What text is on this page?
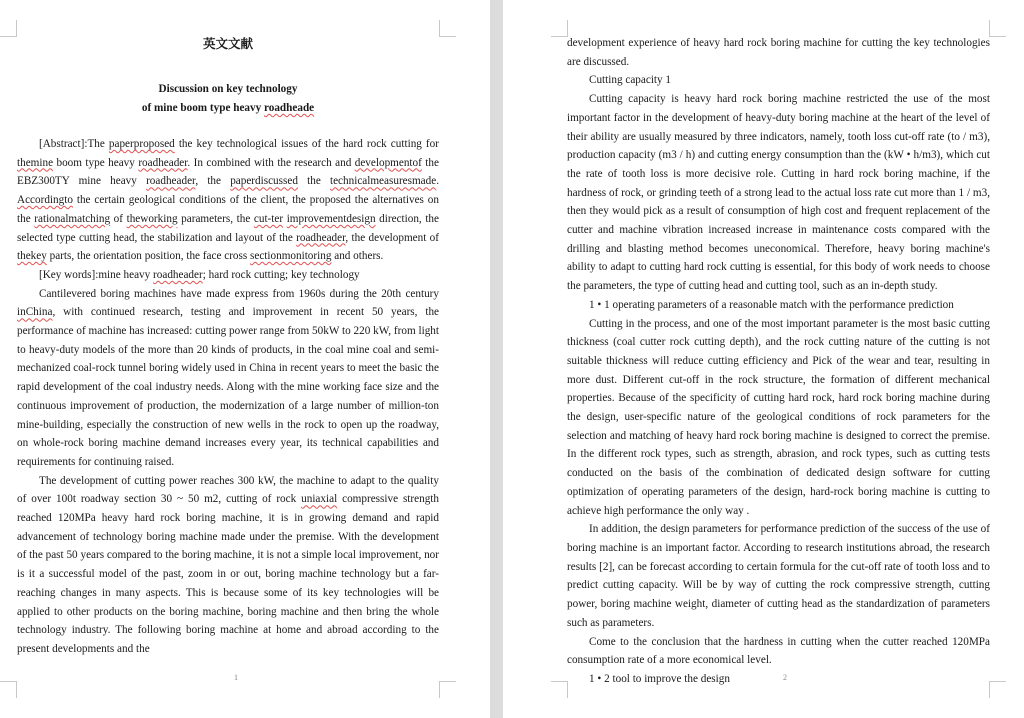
英文文献

Discussion on key technology

of mine boom type heavy roadheade

[Abstract]:The paperproposed the key technological issues of the hard rock cutting for themine boom type heavy roadheader. In combined with the research and developmentof the EBZ300TY mine heavy roadheader, the paperdiscussed the technicalmeasuresmade. Accordingto the certain geological conditions of the client, the proposed the alternatives on the rationalmatching of theworking parameters, the cut-ter improvementdesign direction, the selected type cutting head, the stabilization and layout of the roadheader, the development of thekey parts, the orientation position, the face cross sectionmonitoring and others.

[Key words]:mine heavy roadheader; hard rock cutting; key technology

Cantilevered boring machines have made express from 1960s during the 20th century inChina, with continued research, testing and improvement in recent 50 years, the performance of machine has increased: cutting power range from 50kW to 220 kW, from light to heavy-duty models of the more than 20 kinds of products, in the coal mine coal and semi-mechanized coal-rock tunnel boring widely used in China in recent years to meet the basic the rapid development of the coal industry needs. Along with the mine working face size and the continuous improvement of production, the modernization of a large number of million-ton mine-building, especially the construction of new wells in the rock to open up the roadway, on whole-rock boring machine demand increases every year, its technical capabilities and requirements for continuing raised.

The development of cutting power reaches 300 kW, the machine to adapt to the quality of over 100t roadway section 30 ~ 50 m2, cutting of rock uniaxial compressive strength reached 120MPa heavy hard rock boring machine, it is in growing demand and rapid advancement of technology boring machine made under the premise. With the development of the past 50 years compared to the boring machine, it is not a simple local improvement, nor is it a successful model of the past, zoom in or out, boring machine technology but a far-reaching changes in many aspects. This is because some of its key technologies will be applied to other products on the boring machine, boring machine and then bring the whole technology industry. The following boring machine at home and abroad according to the present developments and the

1

development experience of heavy hard rock boring machine for cutting the key technologies are discussed.

Cutting capacity 1

Cutting capacity is heavy hard rock boring machine restricted the use of the most important factor in the development of heavy-duty boring machine at the heart of the level of their ability are usually measured by three indicators, namely, tooth loss cut-off rate (to / m3), production capacity (m3 / h) and cutting energy consumption than the (kW • h/m3), which cut the rate of tooth loss is more decisive role. Cutting in hard rock boring machine, if the hardness of rock, or grinding teeth of a strong lead to the actual loss rate cut more than 1 / m3, then they would pick as a result of consumption of high cost and frequent replacement of the cutter and machine vibration increased increase in maintenance costs compared with the drilling and blasting method becomes uneconomical. Therefore, heavy boring machine's ability to adapt to cutting hard rock cutting is essential, for this body of work needs to choose the parameters, the type of cutting head and cutting tool, such as an in-depth study.

1 • 1 operating parameters of a reasonable match with the performance prediction

Cutting in the process, and one of the most important parameter is the most basic cutting thickness (coal cutter rock cutting depth), and the rock cutting nature of the cutting is not suitable thickness will reduce cutting efficiency and Pick of the wear and tear, resulting in more dust. Different cut-off in the rock structure, the formation of different mechanical properties. Because of the specificity of cutting hard rock, hard rock boring machine during the design, user-specific nature of the geological conditions of rock parameters for the selection and matching of heavy hard rock boring machine is designed to correct the premise. In the different rock types, such as strength, abrasion, and rock types, such as cutting tests conducted on the basis of the combination of dedicated design software for cutting optimization of operating parameters of the design, hard-rock boring machine is cutting to achieve high performance the only way .

In addition, the design parameters for performance prediction of the success of the use of boring machine is an important factor. According to research institutions abroad, the research results [2], can be forecast according to certain formula for the cut-off rate of tooth loss and to predict cutting capacity. Will be by way of cutting the rock compressive strength, cutting power, boring machine weight, diameter of cutting head as the standardization of parameters such as parameters.

Come to the conclusion that the hardness in cutting when the cutter reached 120MPa consumption rate of a more economical level.

1 • 2 tool to improve the design	2
